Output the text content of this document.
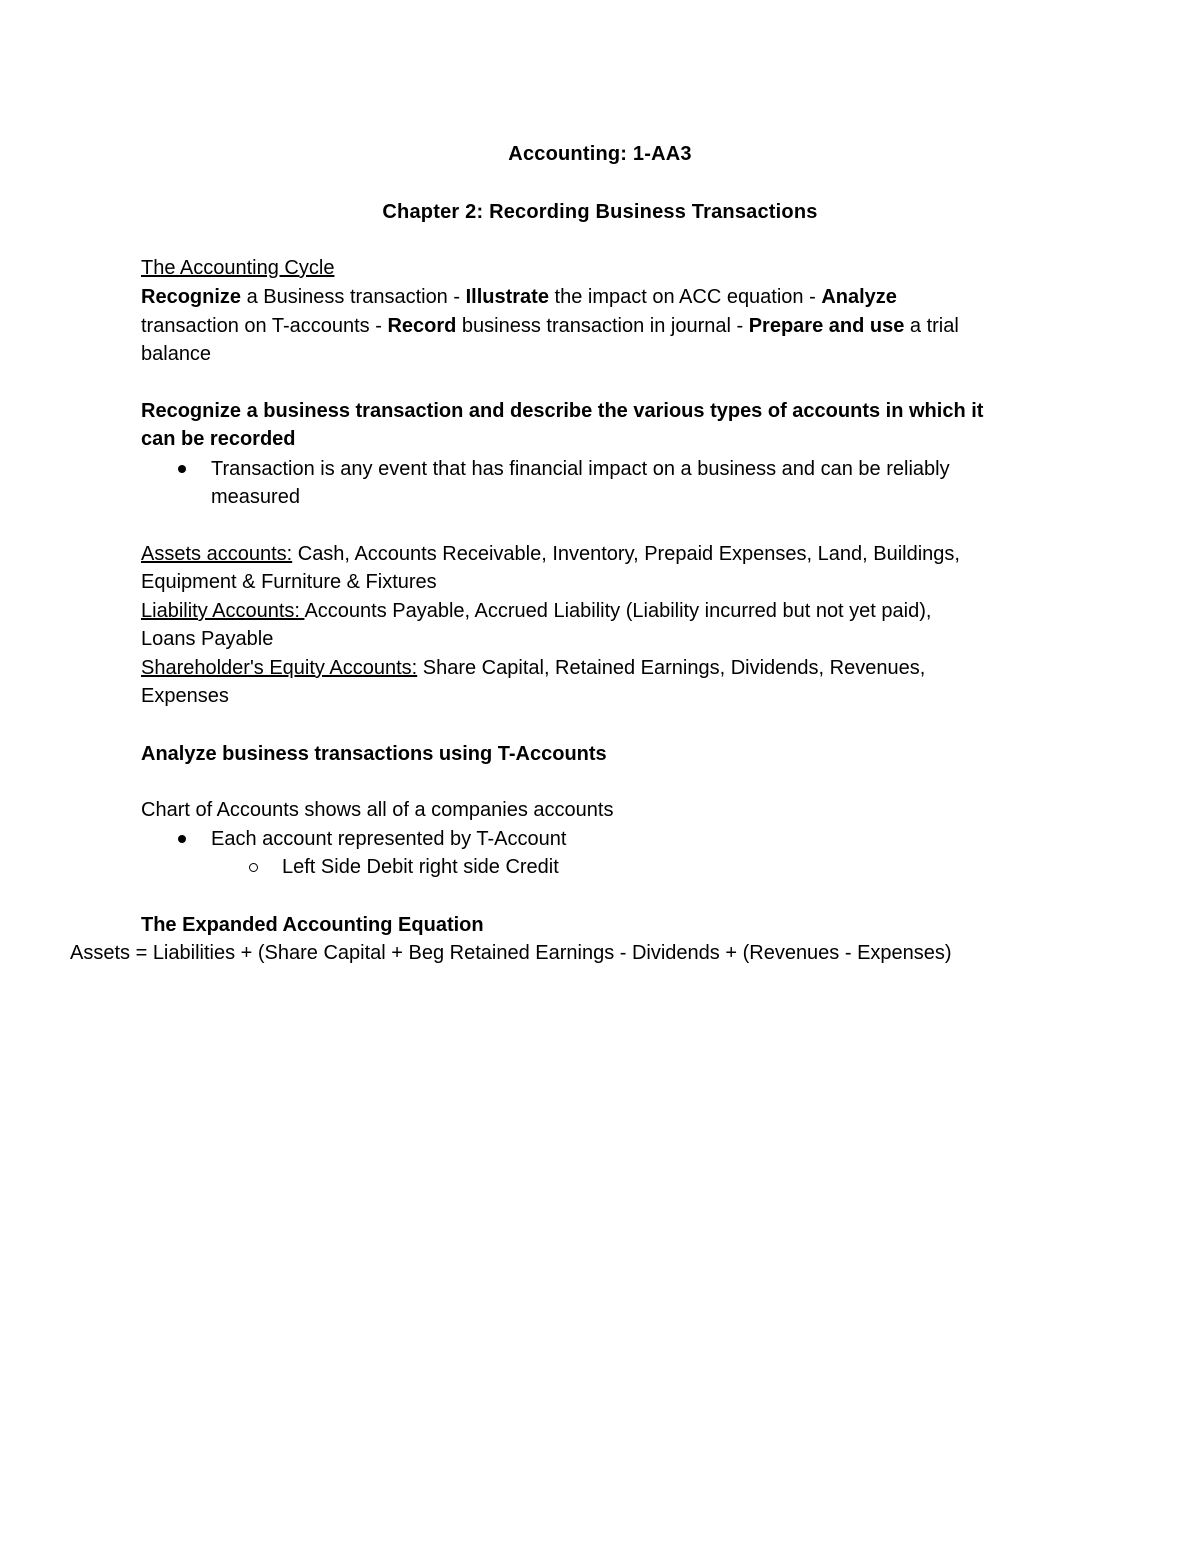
Accounting: 1-AA3
Chapter 2: Recording Business Transactions
The Accounting Cycle
Recognize a Business transaction - Illustrate the impact on ACC equation - Analyze
transaction on T-accounts - Record business transaction in journal - Prepare and use a trial
balance
Recognize a business transaction and describe the various types of accounts in which it
can be recorded
Transaction is any event that has financial impact on a business and can be reliably
measured
Assets accounts: Cash, Accounts Receivable, Inventory, Prepaid Expenses, Land, Buildings,
Equipment & Furniture & Fixtures
Liability Accounts: Accounts Payable, Accrued Liability (Liability incurred but not yet paid),
Loans Payable
Shareholder's Equity Accounts: Share Capital, Retained Earnings, Dividends, Revenues,
Expenses
Analyze business transactions using T-Accounts
Chart of Accounts shows all of a companies accounts
Each account represented by T-Account
Left Side Debit right side Credit
The Expanded Accounting Equation
Assets = Liabilities + (Share Capital + Beg Retained Earnings - Dividends + (Revenues - Expenses)
